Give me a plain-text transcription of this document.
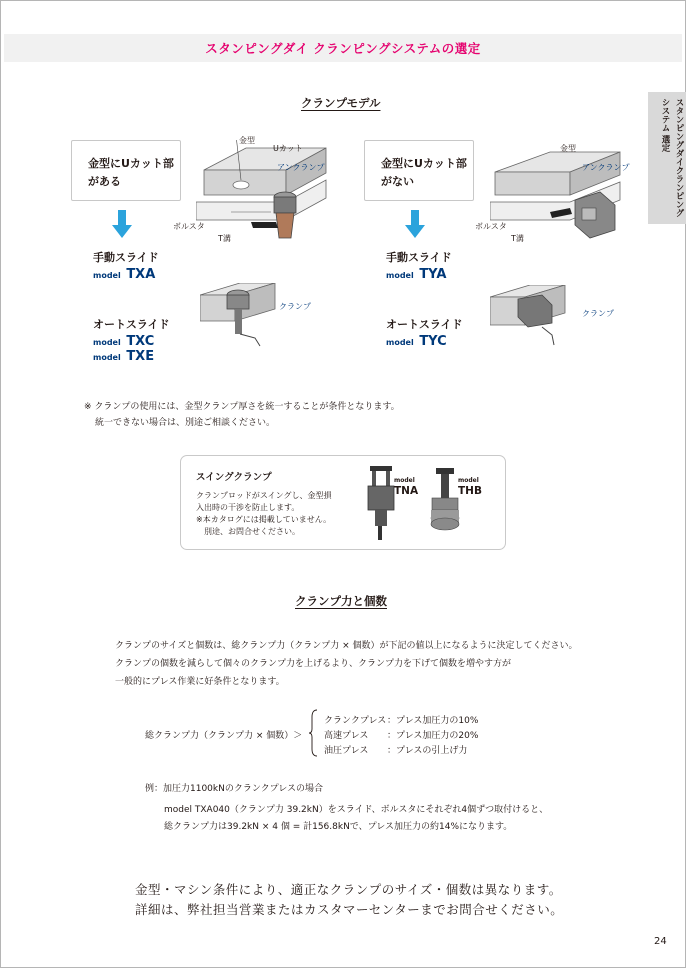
スタンピングダイ クランピングシステムの選定
スタンピングダイクランピングシステム 選定
クランプモデル
金型にUカット部
がある
手動スライド
model TXA
オートスライド
model TXC
model TXE
金型
Uカット
アンクランプ
ボルスタ
T溝
クランプ
金型にUカット部
がない
手動スライド
model TYA
オートスライド
model TYC
金型
アンクランプ
ボルスタ
T溝
クランプ
※ クランプの使用には、金型クランプ厚さを統一することが条件となります。
統一できない場合は、別途ご相談ください。
スイングクランプ
クランプロッドがスイングし、金型損
入出時の干渉を防止します。
※本カタログには掲載していません。
別途、お問合せください。
model
TNA
model
THB
クランプ力と個数
クランプのサイズと個数は、総クランプ力（クランプ力 × 個数）が下記の値以上になるように決定してください。
クランプの個数を減らして個々のクランプ力を上げるより、クランプ力を下げて個数を増やす方が
一般的にプレス作業に好条件となります。
総クランプ力（クランプ力 × 個数）＞
クランクプレス：プレス加圧力の10%
高速プレス ：プレス加圧力の20%
油圧プレス ：プレスの引上げ力
例：加圧力1100kNのクランクプレスの場合
model TXA040（クランプ力 39.2kN）をスライド、ボルスタにそれぞれ4個ずつ取付けると、
総クランプ力は39.2kN × 4 個 = 計156.8kNで、プレス加圧力の約14%になります。
金型・マシン条件により、適正なクランプのサイズ・個数は異なります。
詳細は、弊社担当営業またはカスタマーセンターまでお問合せください。
24
